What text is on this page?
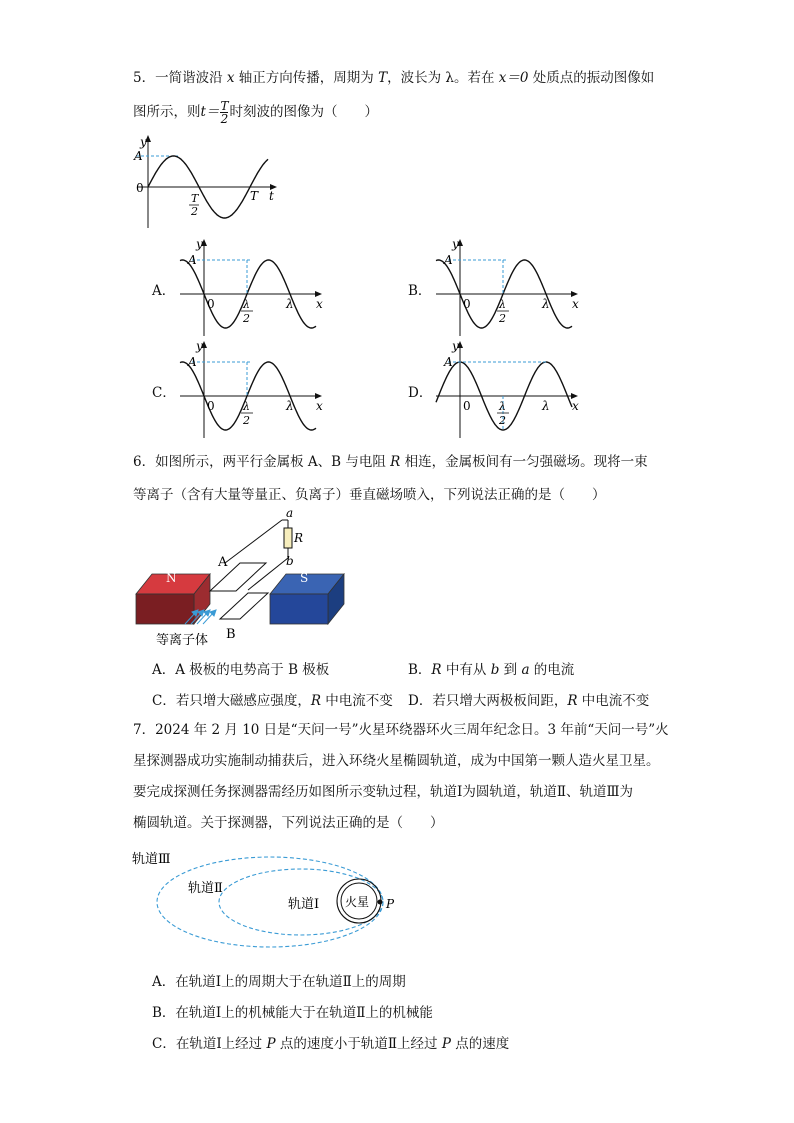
5．一简谐波沿 x 轴正方向传播，周期为 T，波长为 λ。若在 x＝0 处质点的振动图像如
图所示，则$t=\frac{T}{2}$ 时刻波的图像为（　　）
y
A
0
T
2
T t
A．	B．
C．	D．
y
A
0	λ
2
λ x
y
A
0	λ
2
λ x
y
A
0	λ
2
λ x
y
A
0	λ
2
λ x
6．如图所示，两平行金属板 A、B 与电阻 R 相连，金属板间有一匀强磁场。现将一束
等离子（含有大量等量正、负离子）垂直磁场喷入，下列说法正确的是（　　）
N
A
B
S
a
R
b
等离子体
A．A 极板的电势高于 B 极板	B．R 中有从 b 到 a 的电流
C．若只增大磁感应强度，R 中电流不变 D．若只增大两极板间距，R 中电流不变
7．2024 年 2 月 10 日是“天问一号”火星环绕器环火三周年纪念日。3 年前“天问一号”火
星探测器成功实施制动捕获后，进入环绕火星椭圆轨道，成为中国第一颗人造火星卫星。
要完成探测任务探测器需经历如图所示变轨过程，轨道Ⅰ为圆轨道，轨道Ⅱ、轨道Ⅲ为
椭圆轨道。关于探测器，下列说法正确的是（　　）
轨道Ⅲ
轨道Ⅱ
轨道Ⅰ 火星 P
A．在轨道Ⅰ上的周期大于在轨道Ⅱ上的周期
B．在轨道Ⅰ上的机械能大于在轨道Ⅱ上的机械能
C．在轨道Ⅰ上经过 P 点的速度小于轨道Ⅱ上经过 P 点的速度
